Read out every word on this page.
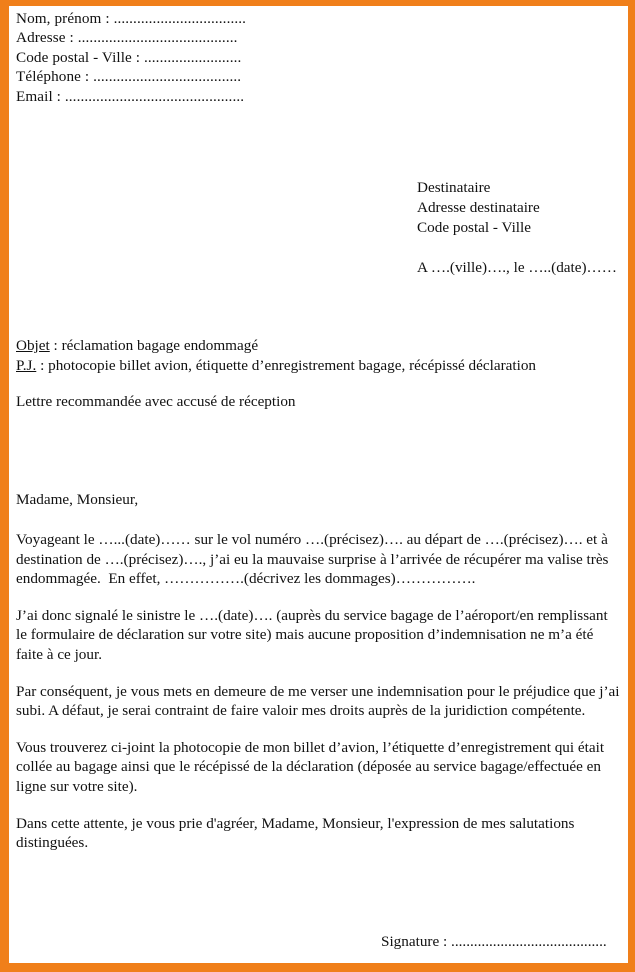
Nom, prénom : ..................................
Adresse : .........................................
Code postal - Ville : .........................
Téléphone : ......................................
Email : ..............................................
Destinataire
Adresse destinataire
Code postal - Ville
A ….(ville)…., le …..(date)……
Objet : réclamation bagage endommagé
P.J. : photocopie billet avion, étiquette d’enregistrement bagage, récépissé déclaration
Lettre recommandée avec accusé de réception
Madame, Monsieur,

Voyageant le …...(date)…… sur le vol numéro ….(précisez)…. au départ de ….(précisez)…. et à destination de ….(précisez)…., j’ai eu la mauvaise surprise à l’arrivée de récupérer ma valise très endommagée.  En effet, …………….(décrivez les dommages)…………….

J’ai donc signalé le sinistre le ….(date)…. (auprès du service bagage de l’aéroport/en remplissant le formulaire de déclaration sur votre site) mais aucune proposition d’indemnisation ne m’a été faite à ce jour.

Par conséquent, je vous mets en demeure de me verser une indemnisation pour le préjudice que j’ai subi. A défaut, je serai contraint de faire valoir mes droits auprès de la juridiction compétente.

Vous trouverez ci-joint la photocopie de mon billet d’avion, l’étiquette d’enregistrement qui était collée au bagage ainsi que le récépissé de la déclaration (déposée au service bagage/effectuée en ligne sur votre site).

Dans cette attente, je vous prie d'agréer, Madame, Monsieur, l'expression de mes salutations distinguées.

Signature : .........................................
